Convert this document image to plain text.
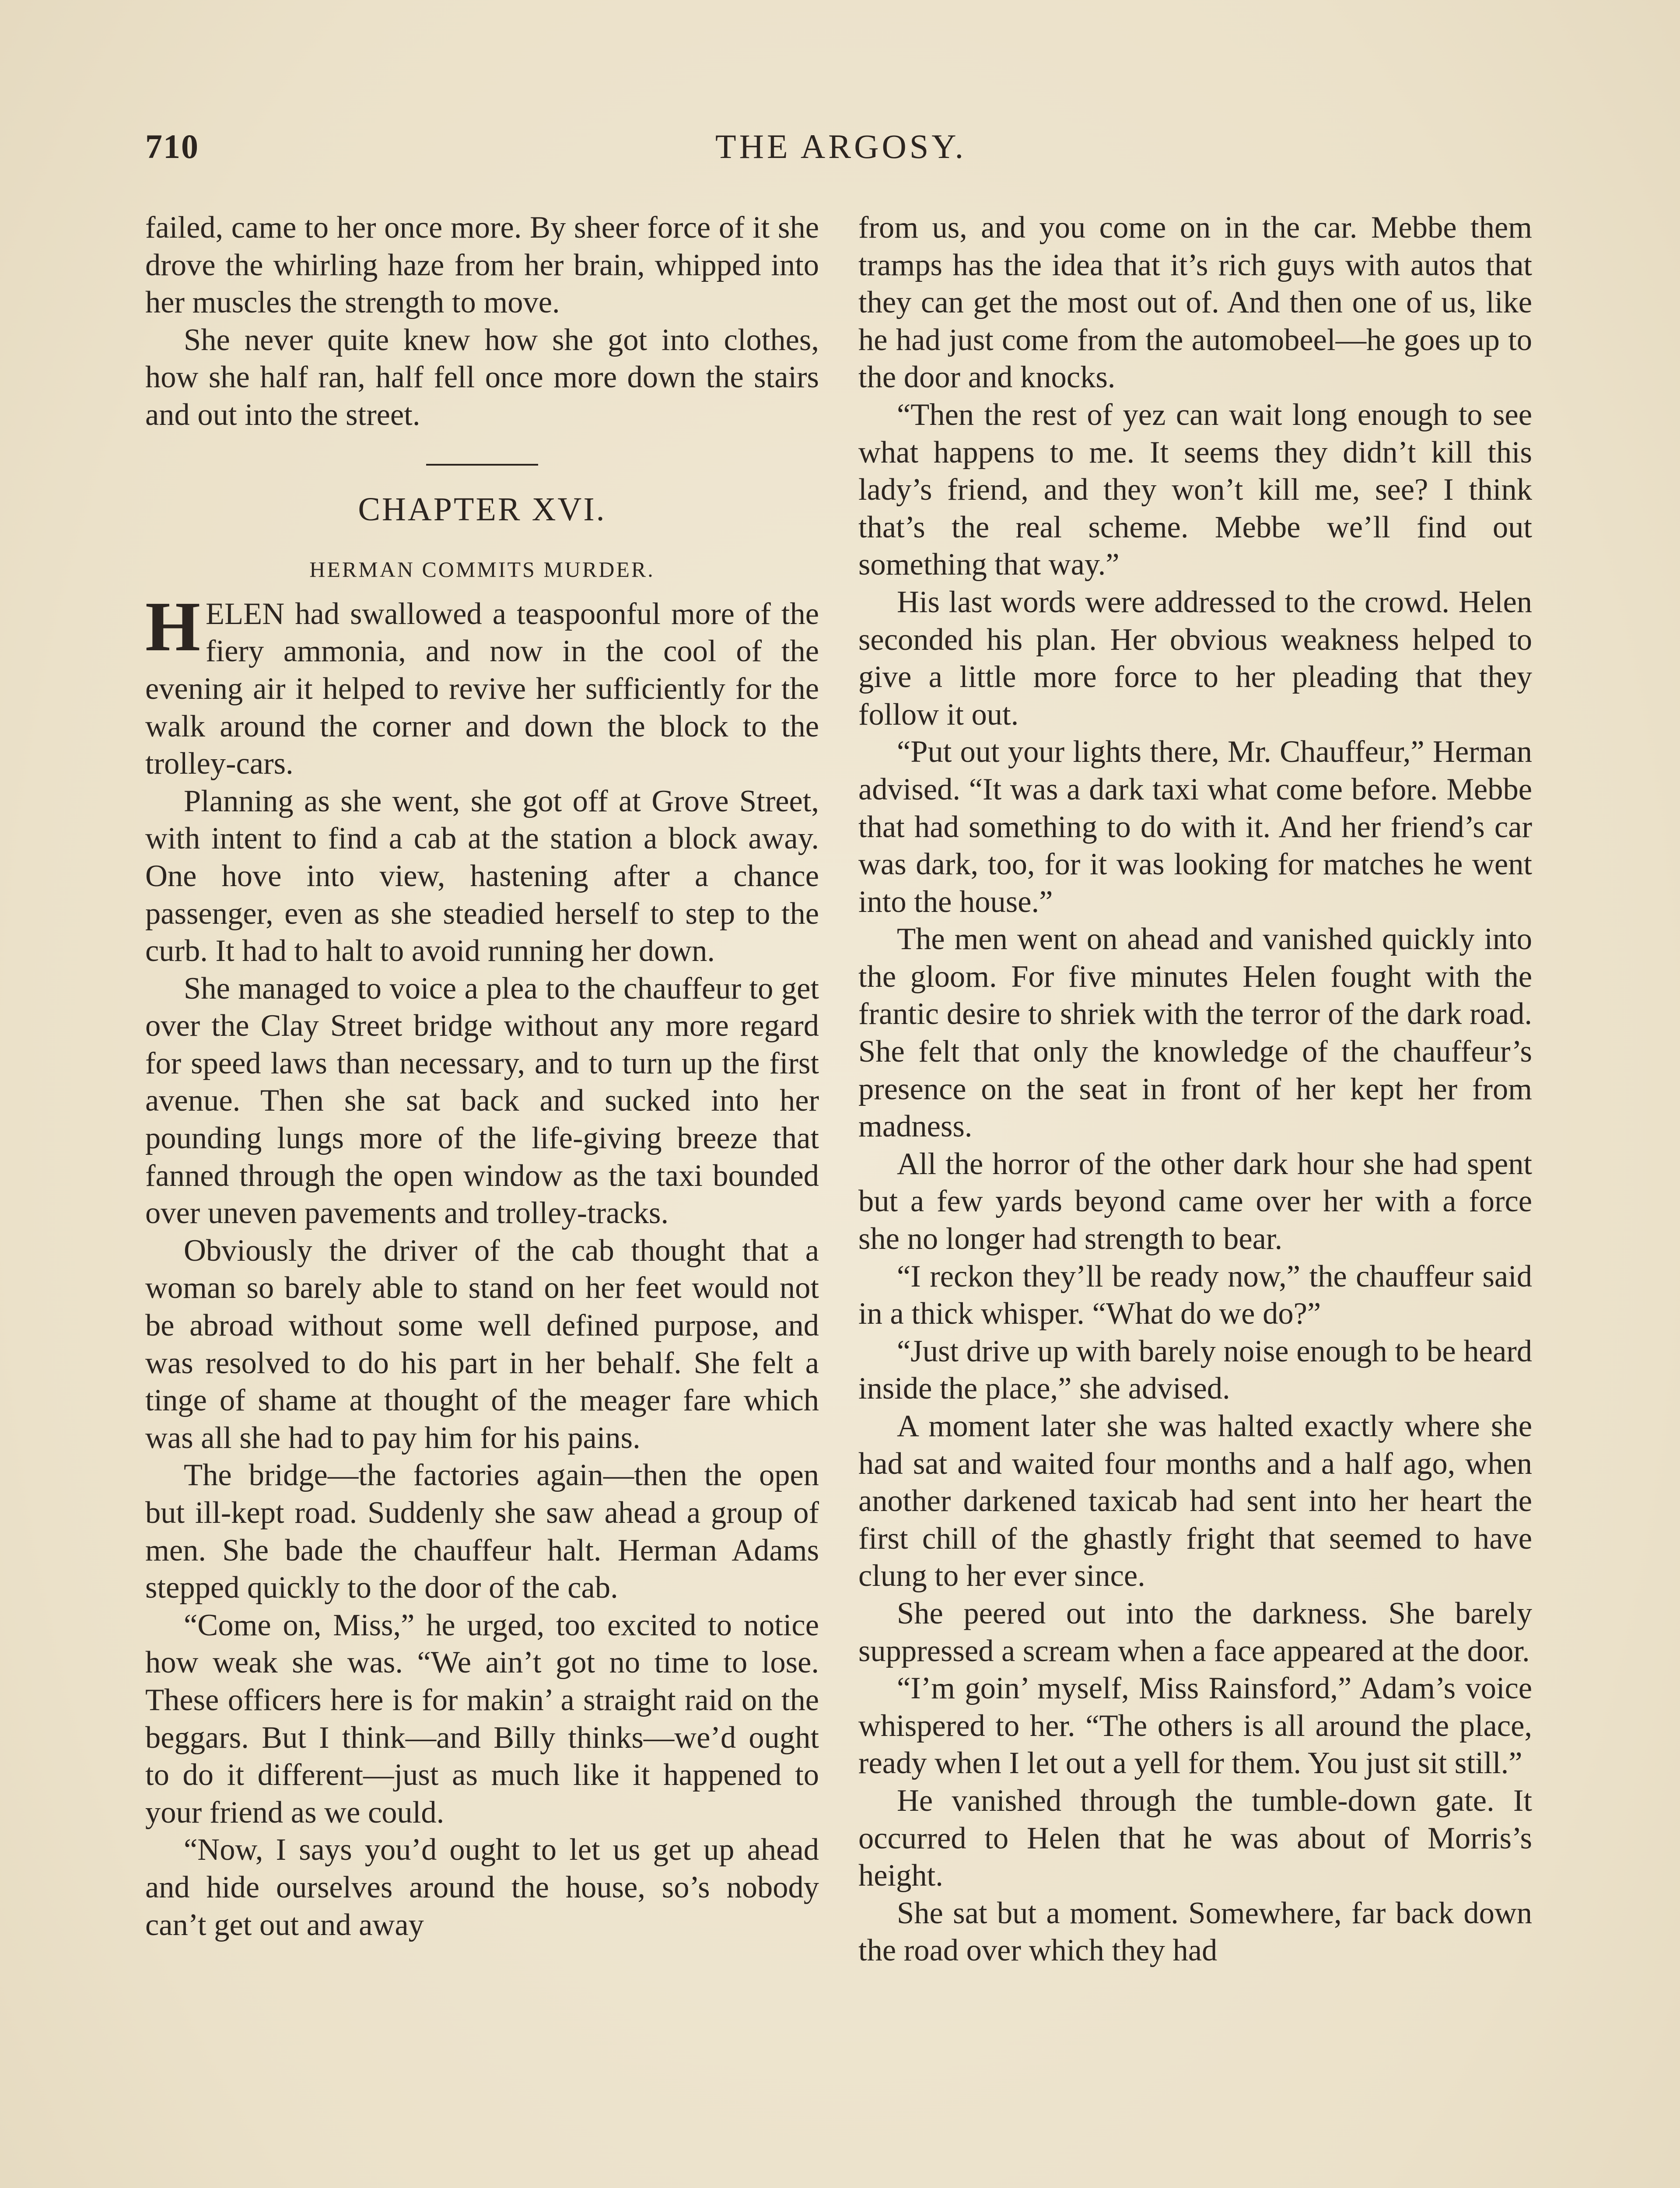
710	THE ARGOSY.

failed, came to her once more. By sheer force of it she drove the whirling haze from her brain, whipped into her muscles the strength to move.

She never quite knew how she got into clothes, how she half ran, half fell once more down the stairs and out into the street.

CHAPTER XVI.
HERMAN COMMITS MURDER.

HELEN had swallowed a teaspoonful more of the fiery ammonia, and now in the cool of the evening air it helped to revive her sufficiently for the walk around the corner and down the block to the trolley-cars.

Planning as she went, she got off at Grove Street, with intent to find a cab at the station a block away. One hove into view, hastening after a chance passenger, even as she steadied herself to step to the curb. It had to halt to avoid running her down.

She managed to voice a plea to the chauffeur to get over the Clay Street bridge without any more regard for speed laws than necessary, and to turn up the first avenue. Then she sat back and sucked into her pounding lungs more of the life-giving breeze that fanned through the open window as the taxi bounded over uneven pavements and trolley-tracks.

Obviously the driver of the cab thought that a woman so barely able to stand on her feet would not be abroad without some well defined purpose, and was resolved to do his part in her behalf. She felt a tinge of shame at thought of the meager fare which was all she had to pay him for his pains.

The bridge—the factories again—then the open but ill-kept road. Suddenly she saw ahead a group of men. She bade the chauffeur halt. Herman Adams stepped quickly to the door of the cab.

“Come on, Miss,” he urged, too excited to notice how weak she was. “We ain’t got no time to lose. These officers here is for makin’ a straight raid on the beggars. But I think—and Billy thinks—we’d ought to do it different—just as much like it happened to your friend as we could.

“Now, I says you’d ought to let us get up ahead and hide ourselves around the house, so’s nobody can’t get out and away

from us, and you come on in the car. Mebbe them tramps has the idea that it’s rich guys with autos that they can get the most out of. And then one of us, like he had just come from the automobeel—he goes up to the door and knocks.

“Then the rest of yez can wait long enough to see what happens to me. It seems they didn’t kill this lady’s friend, and they won’t kill me, see? I think that’s the real scheme. Mebbe we’ll find out something that way.”

His last words were addressed to the crowd. Helen seconded his plan. Her obvious weakness helped to give a little more force to her pleading that they follow it out.

“Put out your lights there, Mr. Chauffeur,” Herman advised. “It was a dark taxi what come before. Mebbe that had something to do with it. And her friend’s car was dark, too, for it was looking for matches he went into the house.”

The men went on ahead and vanished quickly into the gloom. For five minutes Helen fought with the frantic desire to shriek with the terror of the dark road. She felt that only the knowledge of the chauffeur’s presence on the seat in front of her kept her from madness.

All the horror of the other dark hour she had spent but a few yards beyond came over her with a force she no longer had strength to bear.

“I reckon they’ll be ready now,” the chauffeur said in a thick whisper. “What do we do?”

“Just drive up with barely noise enough to be heard inside the place,” she advised.

A moment later she was halted exactly where she had sat and waited four months and a half ago, when another darkened taxicab had sent into her heart the first chill of the ghastly fright that seemed to have clung to her ever since.

She peered out into the darkness. She barely suppressed a scream when a face appeared at the door.

“I’m goin’ myself, Miss Rainsford,” Adam’s voice whispered to her. “The others is all around the place, ready when I let out a yell for them. You just sit still.”

He vanished through the tumble-down gate. It occurred to Helen that he was about of Morris’s height.

She sat but a moment. Somewhere, far back down the road over which they had
